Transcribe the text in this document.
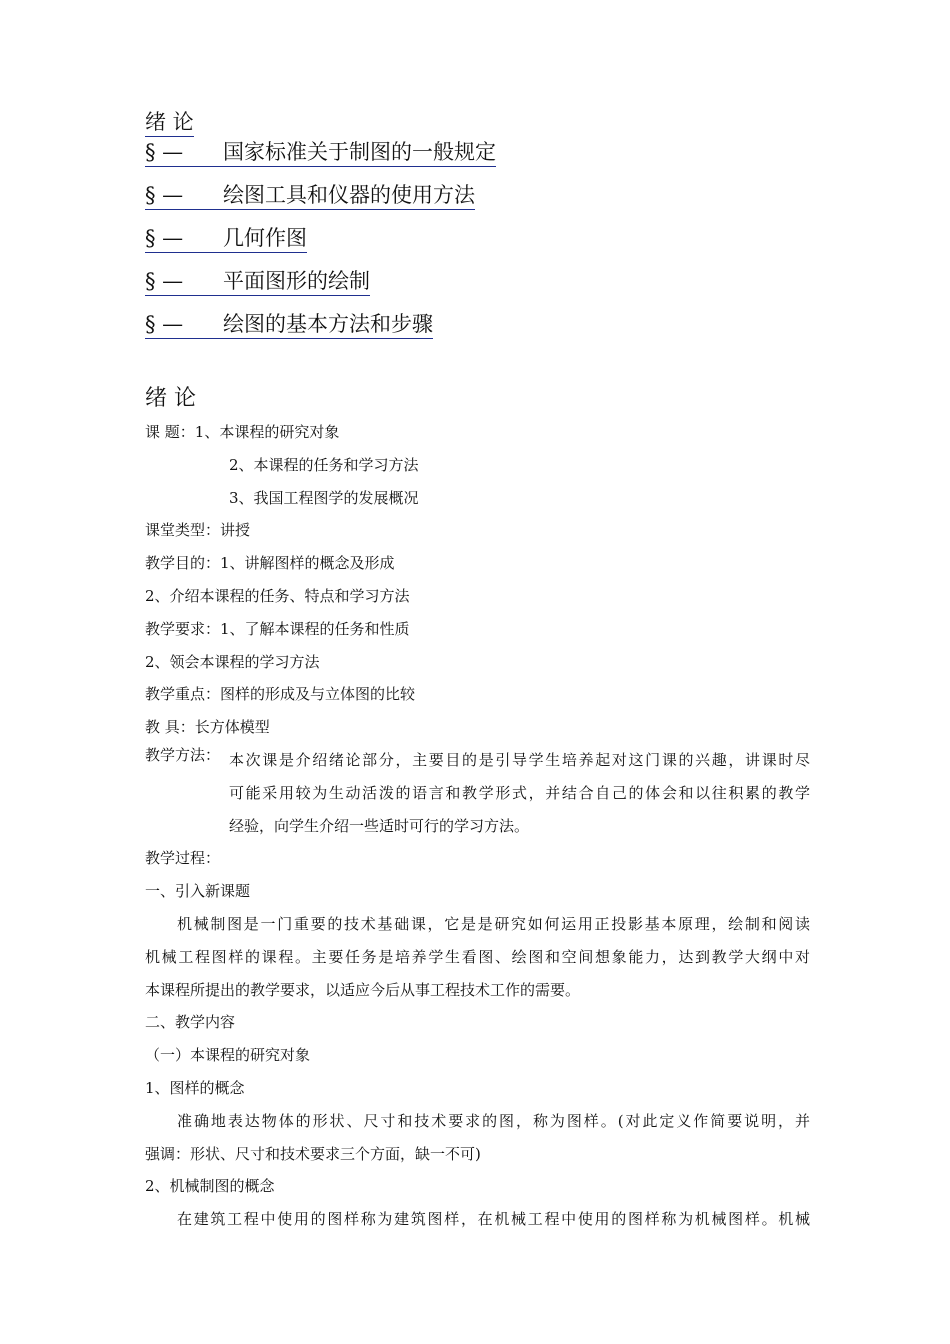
绪 论
§ — 国家标准关于制图的一般规定
§ — 绘图工具和仪器的使用方法
§ — 几何作图
§ — 平面图形的绘制
§ — 绘图的基本方法和步骤
绪 论
课 题：1、本课程的研究对象
2、本课程的任务和学习方法
3、我国工程图学的发展概况
课堂类型：讲授
教学目的：1、讲解图样的概念及形成
2、介绍本课程的任务、特点和学习方法
教学要求：1、了解本课程的任务和性质
2、领会本课程的学习方法
教学重点：图样的形成及与立体图的比较
教 具：长方体模型
教学方法： 本次课是介绍绪论部分，主要目的是引导学生培养起对这门课的兴趣，讲课时尽
可能采用较为生动活泼的语言和教学形式，并结合自己的体会和以往积累的教学
经验，向学生介绍一些适时可行的学习方法。
教学过程：
一、引入新课题
机械制图是一门重要的技术基础课，它是是研究如何运用正投影基本原理，绘制和阅读
机械工程图样的课程。主要任务是培养学生看图、绘图和空间想象能力，达到教学大纲中对
本课程所提出的教学要求，以适应今后从事工程技术工作的需要。
二、教学内容
（一）本课程的研究对象
1、图样的概念
准确地表达物体的形状、尺寸和技术要求的图，称为图样。(对此定义作简要说明，并
强调：形状、尺寸和技术要求三个方面，缺一不可)
2、机械制图的概念
在建筑工程中使用的图样称为建筑图样，在机械工程中使用的图样称为机械图样。机械
